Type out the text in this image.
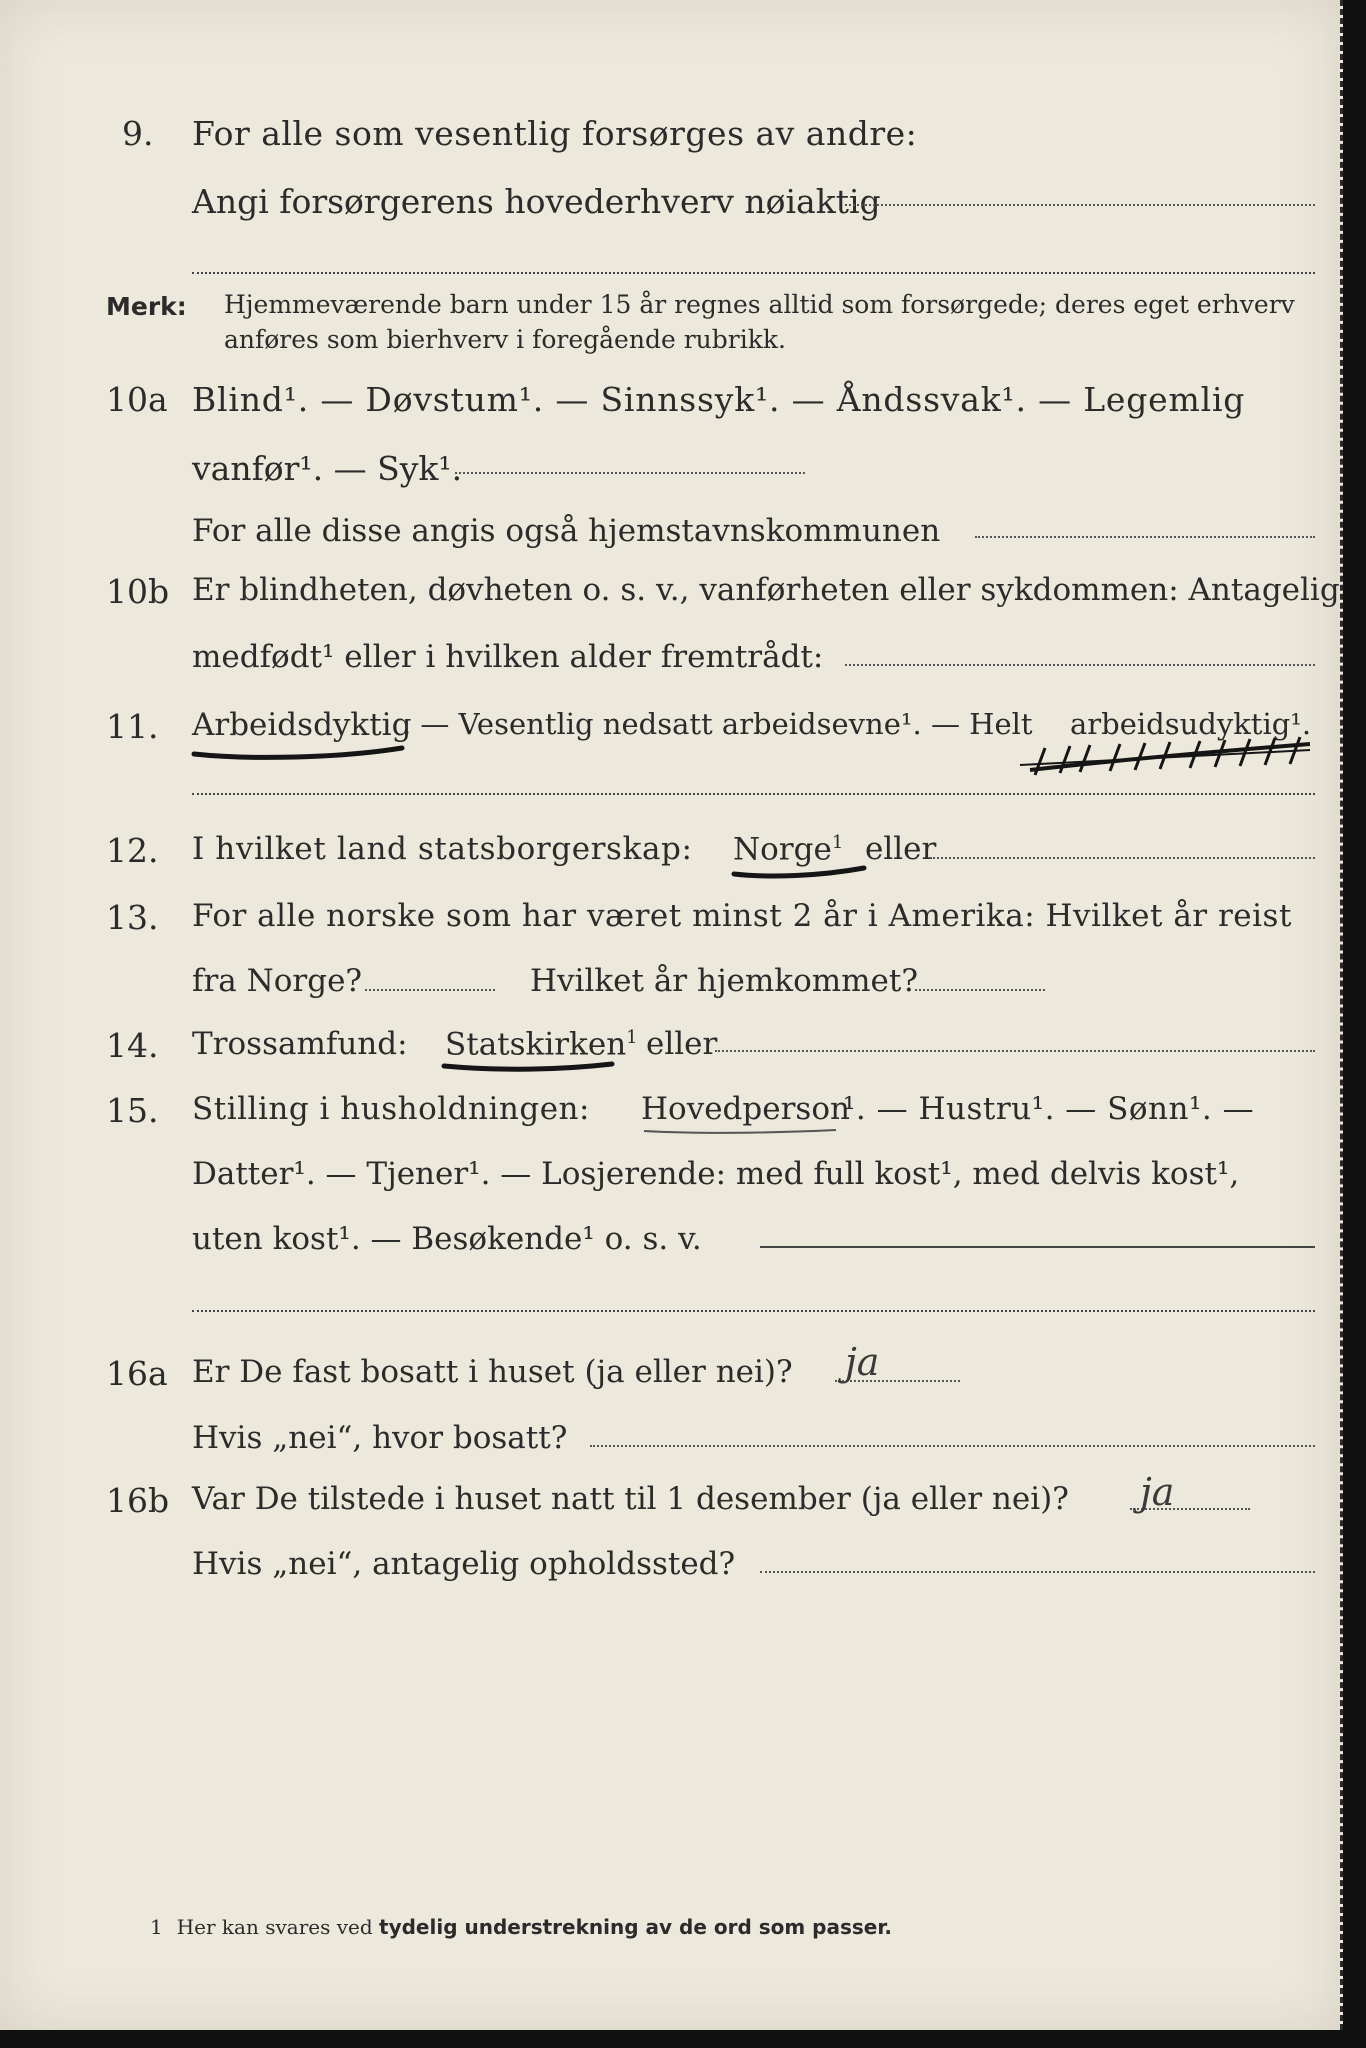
9. For alle som vesentlig forsørges av andre:
Angi forsørgerens hovederhverv nøiaktig
Merk: Hjemmeværende barn under 15 år regnes alltid som forsørgede; deres eget erhverv
anføres som bierhverv i foregående rubrikk.
10a Blind¹. — Døvstum¹. — Sinnssyk¹. — Åndssvak¹. — Legemlig
vanfør¹. — Syk¹.
For alle disse angis også hjemstavnskommunen
10b Er blindheten, døvheten o. s. v., vanførheten eller sykdommen: Antagelig
medfødt¹ eller i hvilken alder fremtrådt:
11. Arbeidsdyktig
. — Vesentlig nedsatt arbeidsevne¹. — Helt arbeidsudyktig¹.
12. I hvilket land statsborgerskap: Norge$^1$ eller
13. For alle norske som har været minst 2 år i Amerika: Hvilket år reist
fra Norge?	Hvilket år hjemkommet?
14. Trossamfund: Statskirken$^1$ eller
15. Stilling i husholdningen: Hovedperson
¹. — Hustru¹. — Sønn¹. —
Datter¹. — Tjener¹. — Losjerende: med full kost¹, med delvis kost¹,
uten kost¹. — Besøkende¹ o. s. v.
16a Er De fast bosatt i huset (ja eller nei)? ja
Hvis „nei“, hvor bosatt?
16b Var De tilstede i huset natt til 1 desember (ja eller nei)? ja
Hvis „nei“, antagelig opholdssted?
1 Her kan svares ved tydelig understrekning av de ord som passer.
